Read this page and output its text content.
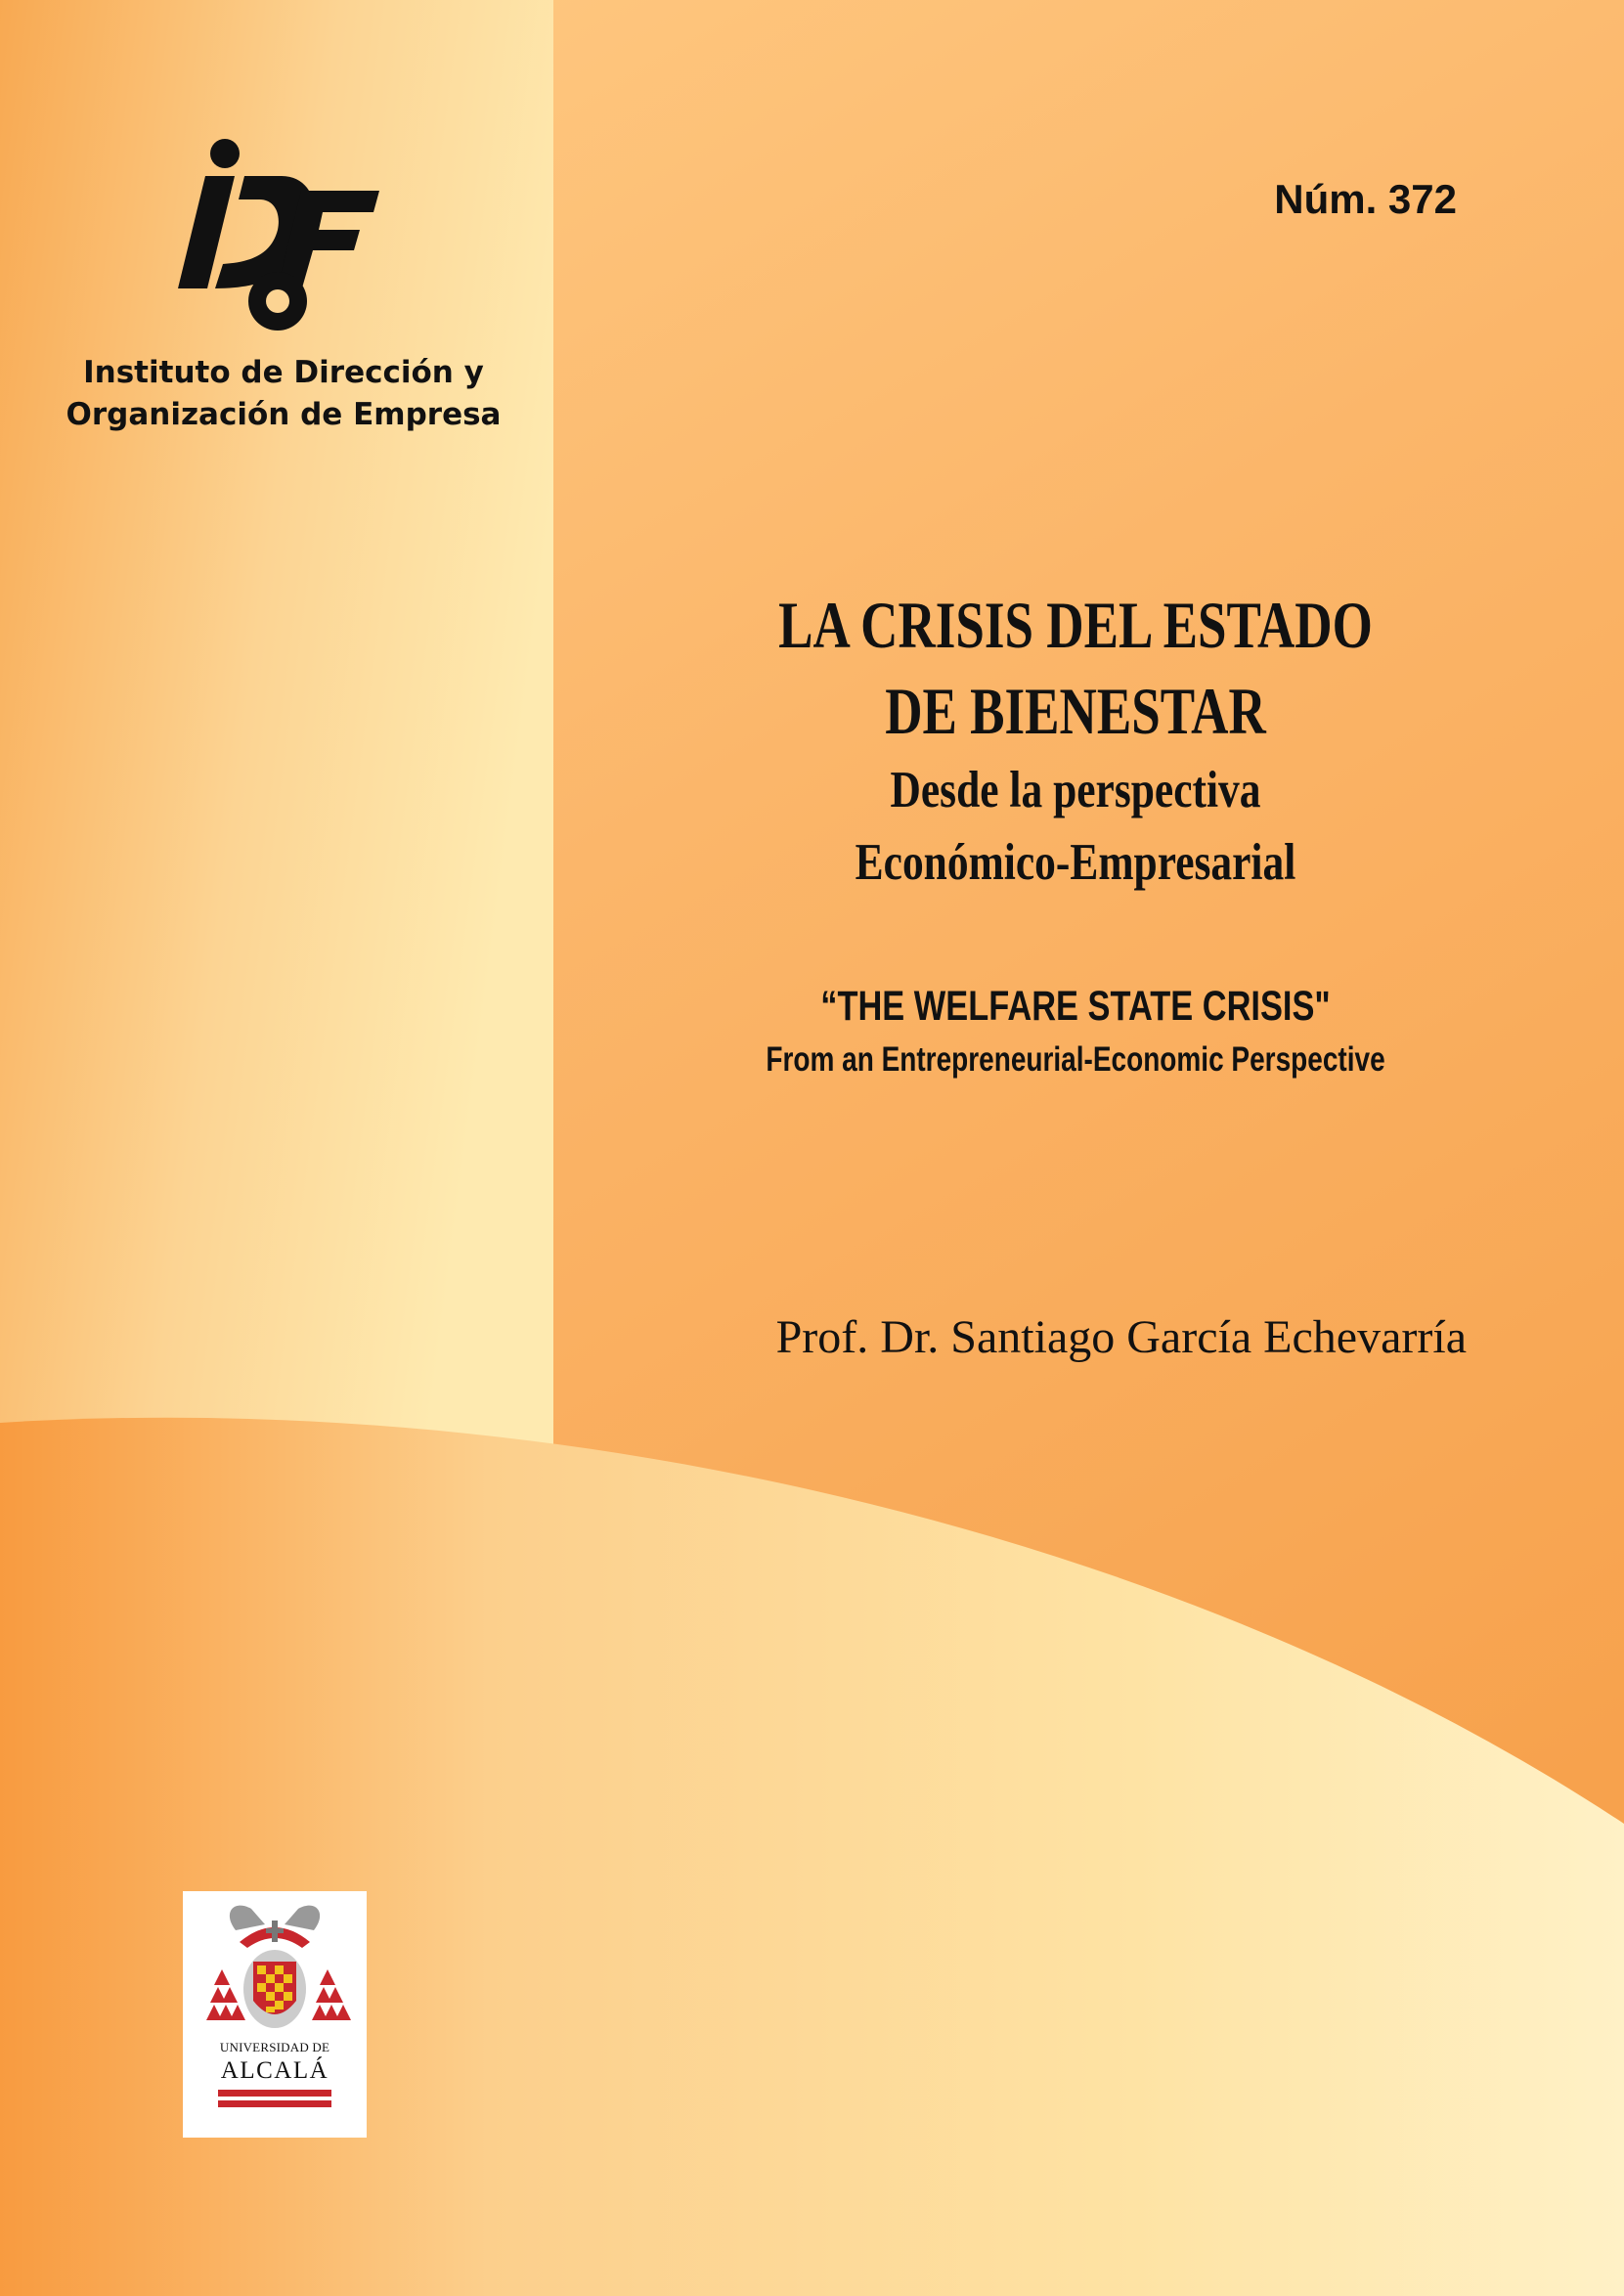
Instituto de Dirección y
Organización de Empresa
Núm. 372
LA CRISIS DEL ESTADO
DE BIENESTAR
Desde la perspectiva
Económico-Empresarial
“THE WELFARE STATE CRISIS"
From an Entrepreneurial-Economic Perspective
Prof. Dr. Santiago García Echevarría
UNIVERSIDAD DE
ALCALÁ
